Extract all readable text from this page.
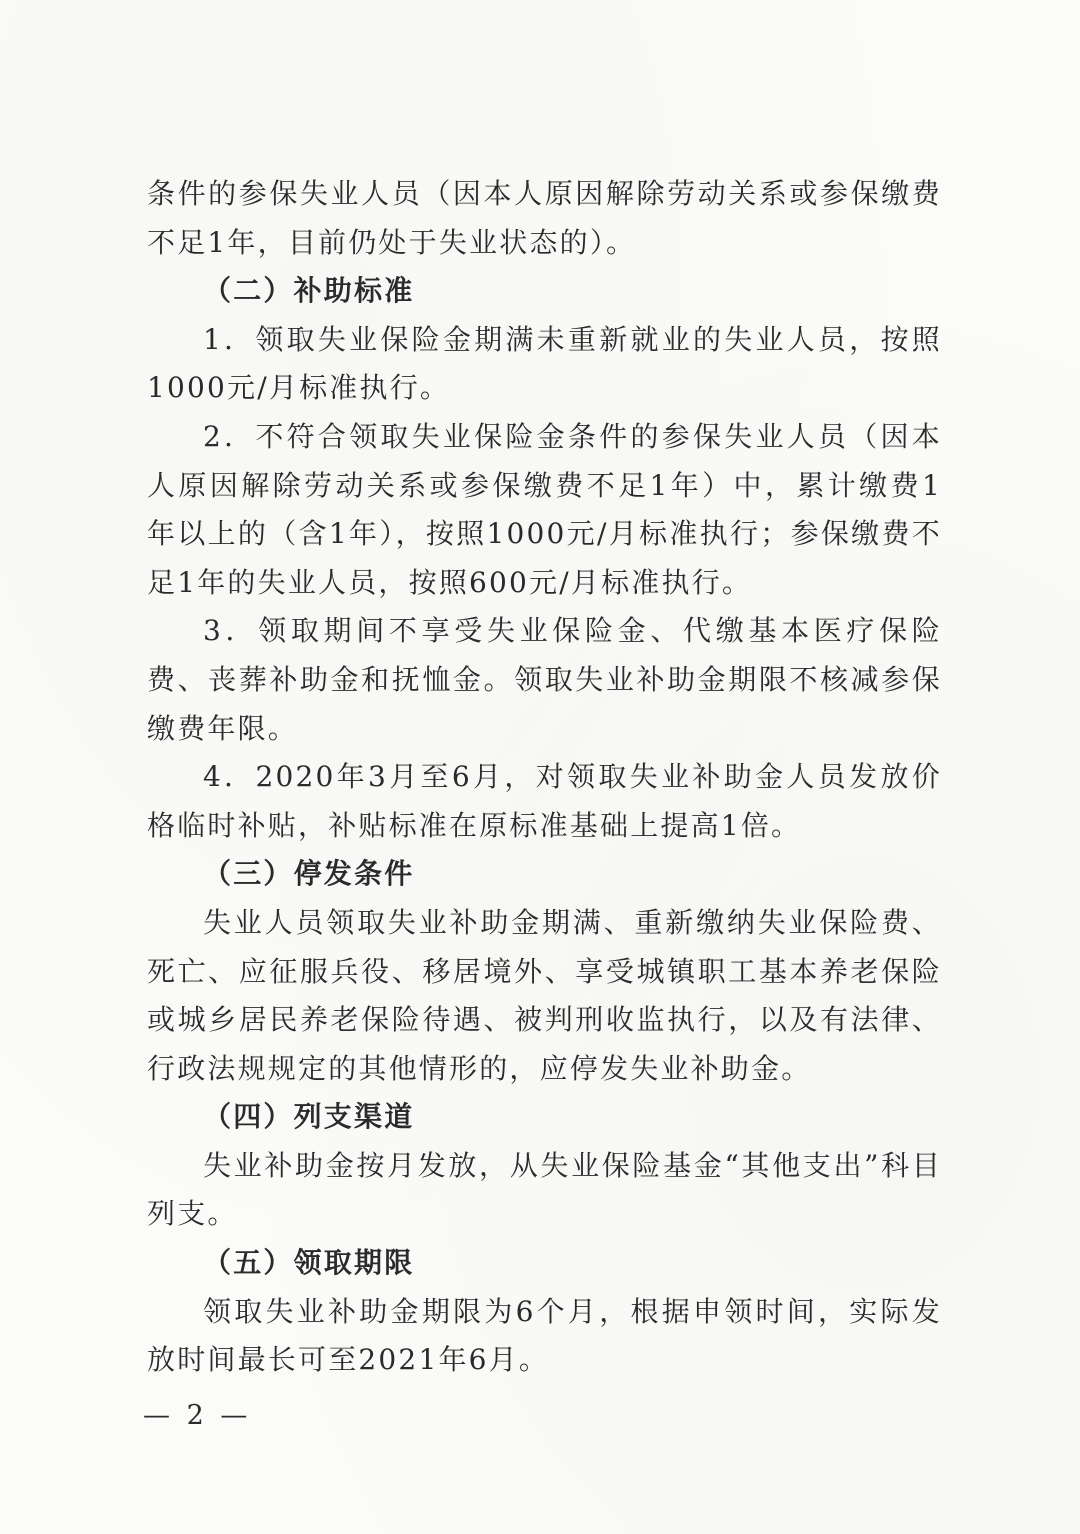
条件的参保失业人员（因本人原因解除劳动关系或参保缴费不足1年，目前仍处于失业状态的）。

（二）补助标准

1．领取失业保险金期满未重新就业的失业人员，按照 1000元/月标准执行。

2．不符合领取失业保险金条件的参保失业人员（因本人原因解除劳动关系或参保缴费不足1年）中，累计缴费1年以上的（含1年），按照1000元/月标准执行；参保缴费不足1年的失业人员，按照600元/月标准执行。

3．领取期间不享受失业保险金、代缴基本医疗保险费、丧葬补助金和抚恤金。领取失业补助金期限不核减参保缴费年限。

4．2020年3月至6月，对领取失业补助金人员发放价格临时补贴，补贴标准在原标准基础上提高1倍。

（三）停发条件

失业人员领取失业补助金期满、重新缴纳失业保险费、死亡、应征服兵役、移居境外、享受城镇职工基本养老保险或城乡居民养老保险待遇、被判刑收监执行，以及有法律、行政法规规定的其他情形的，应停发失业补助金。

（四）列支渠道

失业补助金按月发放，从失业保险基金“其他支出”科目列支。

（五）领取期限

领取失业补助金期限为6个月，根据申领时间，实际发放时间最长可至2021年6月。

— 2 —
